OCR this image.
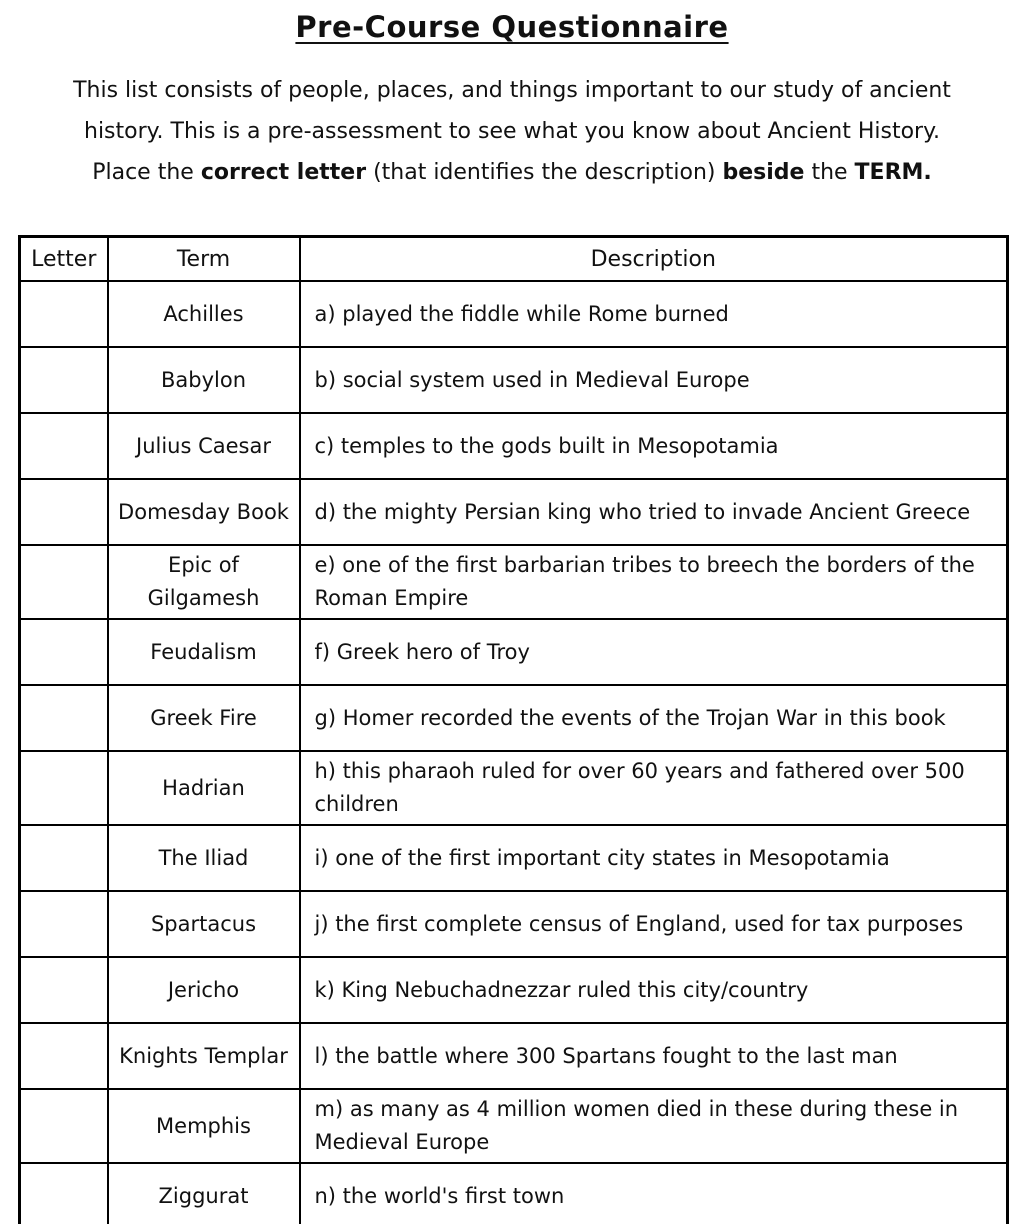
Pre-Course Questionnaire

This list consists of people, places, and things important to our study of ancient

history. This is a pre-assessment to see what you know about Ancient History.

Place the correct letter (that identifies the description) beside the TERM.

Letter	Term	Description
	Achilles	a) played the fiddle while Rome burned
	Babylon	b) social system used in Medieval Europe
	Julius Caesar	c) temples to the gods built in Mesopotamia
	Domesday Book	d) the mighty Persian king who tried to invade Ancient Greece
	Epic of Gilgamesh	e) one of the first barbarian tribes to breech the borders of the Roman Empire
	Feudalism	f) Greek hero of Troy
	Greek Fire	g) Homer recorded the events of the Trojan War in this book
	Hadrian	h) this pharaoh ruled for over 60 years and fathered over 500 children
	The Iliad	i) one of the first important city states in Mesopotamia
	Spartacus	j) the first complete census of England, used for tax purposes
	Jericho	k) King Nebuchadnezzar ruled this city/country
	Knights Templar	l) the battle where 300 Spartans fought to the last man
	Memphis	m) as many as 4 million women died in these during these in Medieval Europe
	Ziggurat	n) the world's first town
